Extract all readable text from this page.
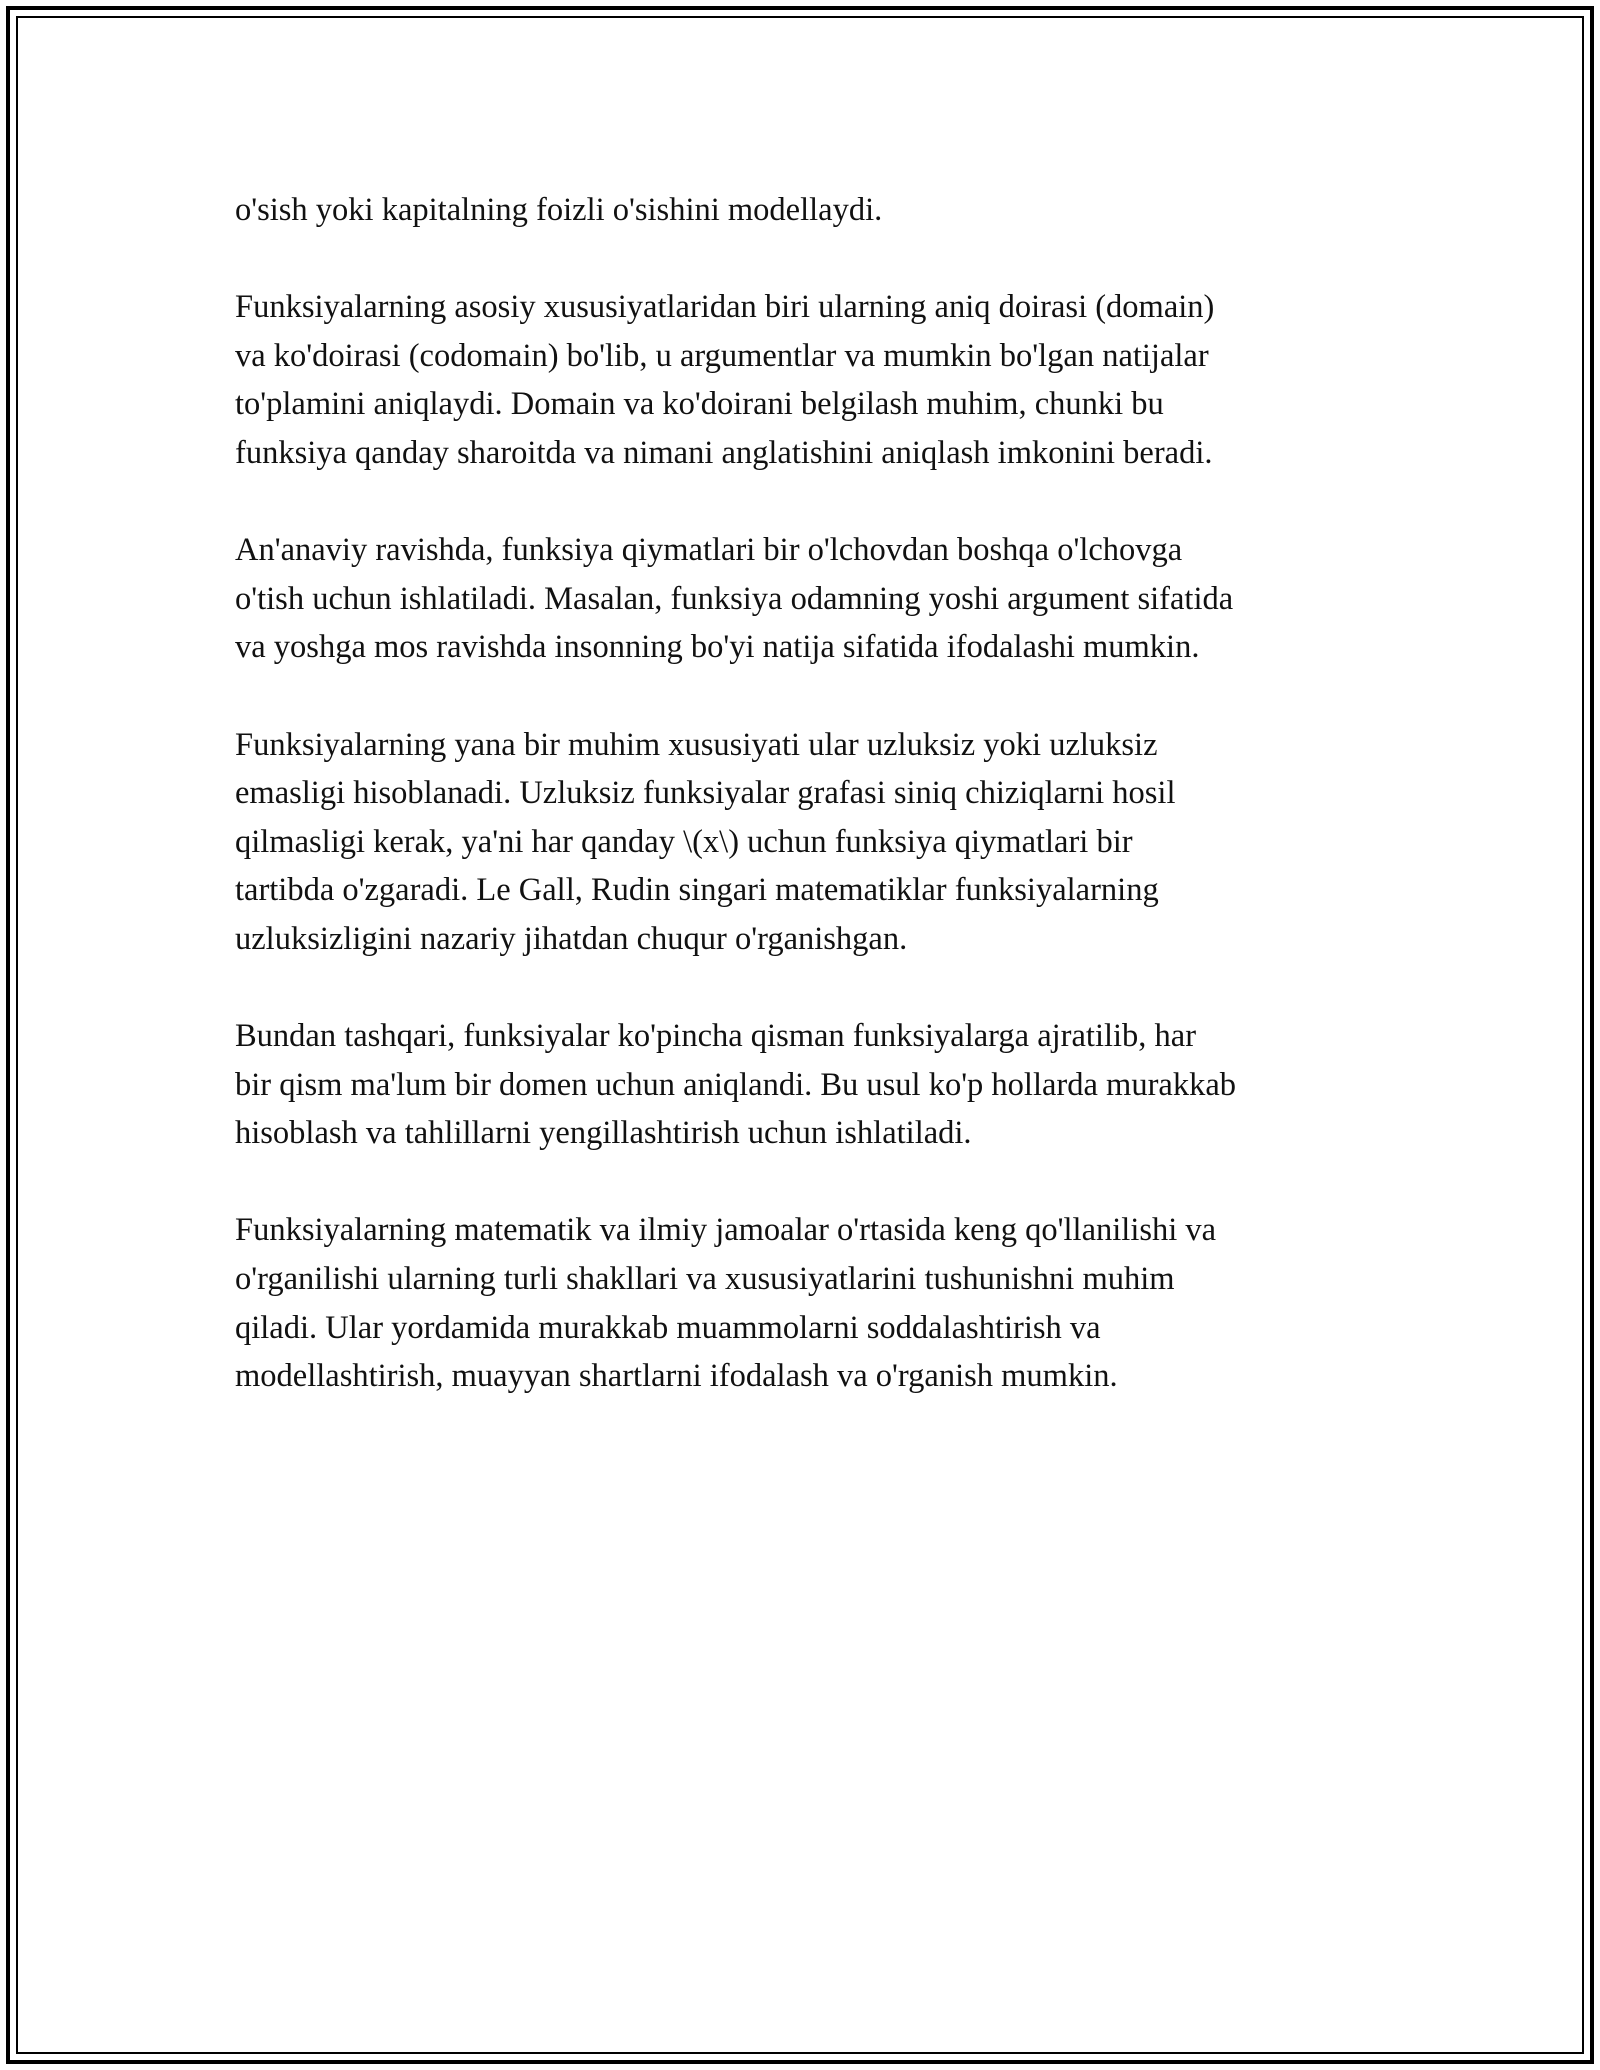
o'sish yoki kapitalning foizli o'sishini modellaydi.

Funksiyalarning asosiy xususiyatlaridan biri ularning aniq doirasi (domain)
va ko'doirasi (codomain) bo'lib, u argumentlar va mumkin bo'lgan natijalar
to'plamini aniqlaydi. Domain va ko'doirani belgilash muhim, chunki bu
funksiya qanday sharoitda va nimani anglatishini aniqlash imkonini beradi.

An'anaviy ravishda, funksiya qiymatlari bir o'lchovdan boshqa o'lchovga
o'tish uchun ishlatiladi. Masalan, funksiya odamning yoshi argument sifatida
va yoshga mos ravishda insonning bo'yi natija sifatida ifodalashi mumkin.

Funksiyalarning yana bir muhim xususiyati ular uzluksiz yoki uzluksiz
emasligi hisoblanadi. Uzluksiz funksiyalar grafasi siniq chiziqlarni hosil
qilmasligi kerak, ya'ni har qanday \(x\) uchun funksiya qiymatlari bir
tartibda o'zgaradi. Le Gall, Rudin singari matematiklar funksiyalarning
uzluksizligini nazariy jihatdan chuqur o'rganishgan.

Bundan tashqari, funksiyalar ko'pincha qisman funksiyalarga ajratilib, har
bir qism ma'lum bir domen uchun aniqlandi. Bu usul ko'p hollarda murakkab
hisoblash va tahlillarni yengillashtirish uchun ishlatiladi.

Funksiyalarning matematik va ilmiy jamoalar o'rtasida keng qo'llanilishi va
o'rganilishi ularning turli shakllari va xususiyatlarini tushunishni muhim
qiladi. Ular yordamida murakkab muammolarni soddalashtirish va
modellashtirish, muayyan shartlarni ifodalash va o'rganish mumkin.
